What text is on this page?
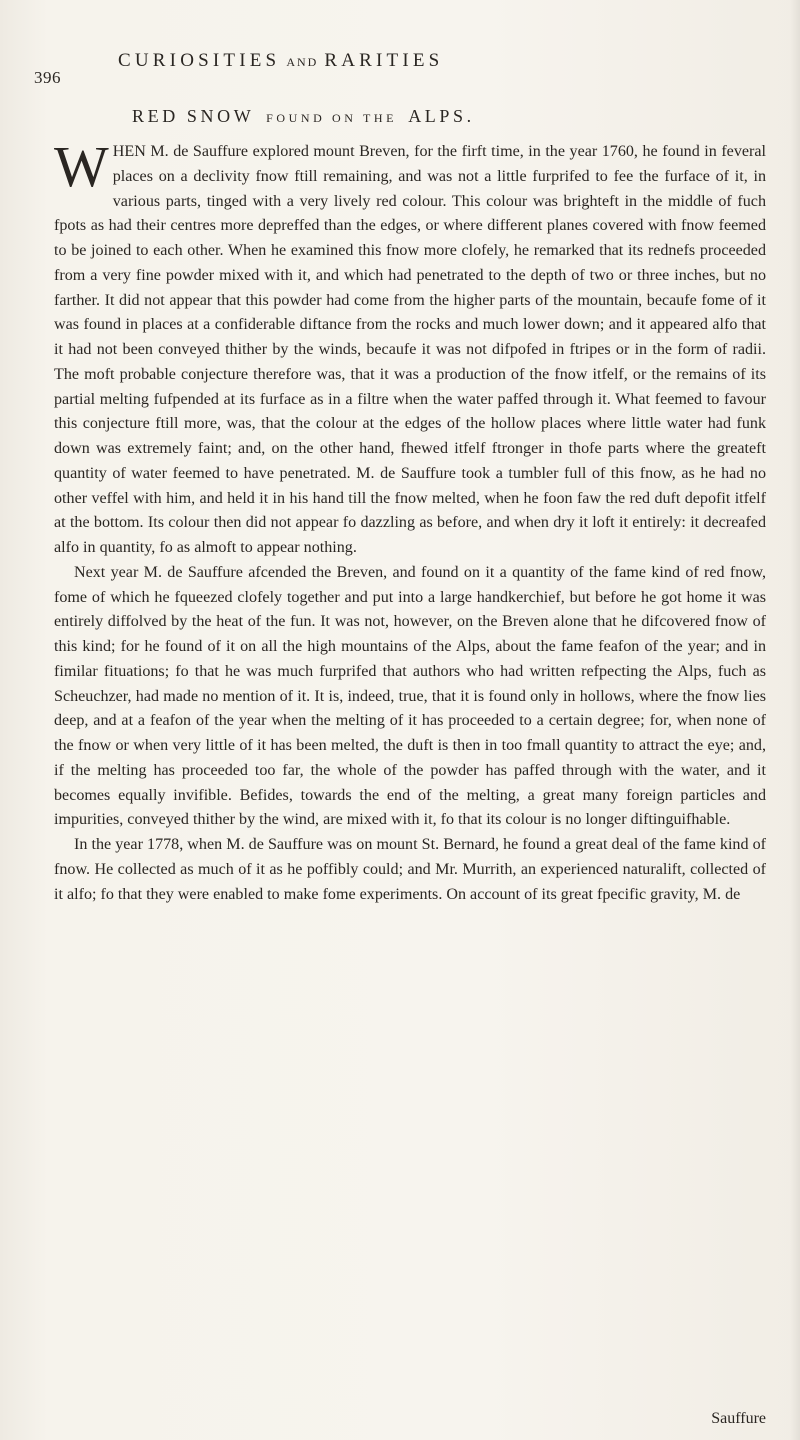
396
CURIOSITIES AND RARITIES
RED SNOW FOUND ON THE ALPS.

WHEN M. de Sauffure explored mount Breven, for the firft time, in the year 1760, he found in feveral places on a declivity fnow ftill remaining, and was not a little furprifed to fee the furface of it, in various parts, tinged with a very lively red colour. This colour was brighteft in the middle of fuch fpots as had their centres more depreffed than the edges, or where different planes covered with fnow feemed to be joined to each other. When he examined this fnow more clofely, he remarked that its rednefs proceeded from a very fine powder mixed with it, and which had penetrated to the depth of two or three inches, but no farther. It did not appear that this powder had come from the higher parts of the mountain, becaufe fome of it was found in places at a confiderable diftance from the rocks and much lower down; and it appeared alfo that it had not been conveyed thither by the winds, becaufe it was not difpofed in ftripes or in the form of radii. The moft probable conjecture therefore was, that it was a production of the fnow itfelf, or the remains of its partial melting fufpended at its furface as in a filtre when the water paffed through it. What feemed to favour this conjecture ftill more, was, that the colour at the edges of the hollow places where little water had funk down was extremely faint; and, on the other hand, fhewed itfelf ftronger in thofe parts where the greateft quantity of water feemed to have penetrated. M. de Sauffure took a tumbler full of this fnow, as he had no other veffel with him, and held it in his hand till the fnow melted, when he foon faw the red duft depofit itfelf at the bottom. Its colour then did not appear fo dazzling as before, and when dry it loft it entirely: it decreafed alfo in quantity, fo as almoft to appear nothing.

Next year M. de Sauffure afcended the Breven, and found on it a quantity of the fame kind of red fnow, fome of which he fqueezed clofely together and put into a large handkerchief, but before he got home it was entirely diffolved by the heat of the fun. It was not, however, on the Breven alone that he difcovered fnow of this kind; for he found of it on all the high mountains of the Alps, about the fame feafon of the year; and in fimilar fituations; fo that he was much furprifed that authors who had written refpecting the Alps, fuch as Scheuchzer, had made no mention of it. It is, indeed, true, that it is found only in hollows, where the fnow lies deep, and at a feafon of the year when the melting of it has proceeded to a certain degree; for, when none of the fnow or when very little of it has been melted, the duft is then in too fmall quantity to attract the eye; and, if the melting has proceeded too far, the whole of the powder has paffed through with the water, and it becomes equally invifible. Befides, towards the end of the melting, a great many foreign particles and impurities, conveyed thither by the wind, are mixed with it, fo that its colour is no longer diftinguifhable.

In the year 1778, when M. de Sauffure was on mount St. Bernard, he found a great deal of the fame kind of fnow. He collected as much of it as he poffibly could; and Mr. Murrith, an experienced naturalift, collected of it alfo; fo that they were enabled to make fome experiments. On account of its great fpecific gravity, M. de

Sauffure
